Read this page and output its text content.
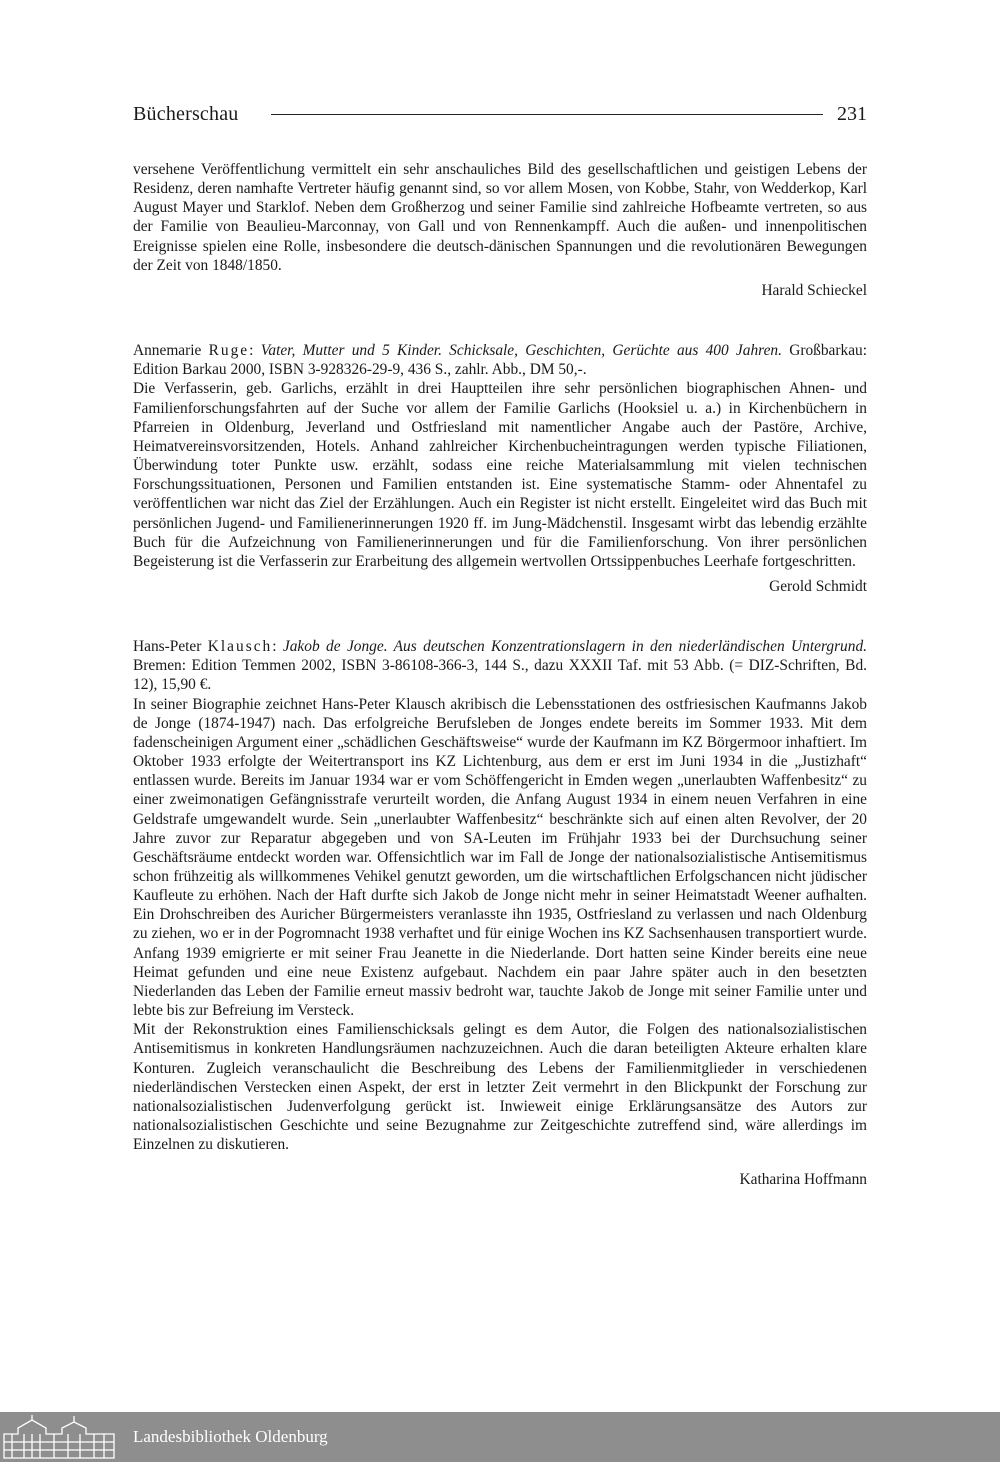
Bücherschau	231

versehene Veröffentlichung vermittelt ein sehr anschauliches Bild des gesellschaftlichen und geistigen Lebens der Residenz, deren namhafte Vertreter häufig genannt sind, so vor allem Mosen, von Kobbe, Stahr, von Wedderkop, Karl August Mayer und Starklof. Neben dem Großherzog und seiner Familie sind zahlreiche Hofbeamte vertreten, so aus der Familie von Beaulieu-Marconnay, von Gall und von Rennenkampff. Auch die außen- und innenpolitischen Ereignisse spielen eine Rolle, insbesondere die deutsch-dänischen Spannungen und die revolutionären Bewegungen der Zeit von 1848/1850.

Harald Schieckel

Annemarie Ruge: Vater, Mutter und 5 Kinder. Schicksale, Geschichten, Gerüchte aus 400 Jahren. Großbarkau: Edition Barkau 2000, ISBN 3-928326-29-9, 436 S., zahlr. Abb., DM 50,-.

Die Verfasserin, geb. Garlichs, erzählt in drei Hauptteilen ihre sehr persönlichen biographischen Ahnen- und Familienforschungsfahrten auf der Suche vor allem der Familie Garlichs (Hooksiel u. a.) in Kirchenbüchern in Pfarreien in Oldenburg, Jeverland und Ostfriesland mit namentlicher Angabe auch der Pastöre, Archive, Heimatvereinsvorsitzenden, Hotels. Anhand zahlreicher Kirchenbucheintragungen werden typische Filiationen, Überwindung toter Punkte usw. erzählt, sodass eine reiche Materialsammlung mit vielen technischen Forschungssituationen, Personen und Familien entstanden ist. Eine systematische Stamm- oder Ahnentafel zu veröffentlichen war nicht das Ziel der Erzählungen. Auch ein Register ist nicht erstellt. Eingeleitet wird das Buch mit persönlichen Jugend- und Familienerinnerungen 1920 ff. im Jung-Mädchenstil. Insgesamt wirbt das lebendig erzählte Buch für die Aufzeichnung von Familienerinnerungen und für die Familienforschung. Von ihrer persönlichen Begeisterung ist die Verfasserin zur Erarbeitung des allgemein wertvollen Ortssippenbuches Leerhafe fortgeschritten.

Gerold Schmidt

Hans-Peter Klausch: Jakob de Jonge. Aus deutschen Konzentrationslagern in den niederländischen Untergrund. Bremen: Edition Temmen 2002, ISBN 3-86108-366-3, 144 S., dazu XXXII Taf. mit 53 Abb. (= DIZ-Schriften, Bd. 12), 15,90 €.

In seiner Biographie zeichnet Hans-Peter Klausch akribisch die Lebensstationen des ostfriesischen Kaufmanns Jakob de Jonge (1874-1947) nach. Das erfolgreiche Berufsleben de Jonges endete bereits im Sommer 1933. Mit dem fadenscheinigen Argument einer „schädlichen Geschäftsweise“ wurde der Kaufmann im KZ Börgermoor inhaftiert. Im Oktober 1933 erfolgte der Weitertransport ins KZ Lichtenburg, aus dem er erst im Juni 1934 in die „Justizhaft“ entlassen wurde. Bereits im Januar 1934 war er vom Schöffengericht in Emden wegen „unerlaubten Waffenbesitz“ zu einer zweimonatigen Gefängnisstrafe verurteilt worden, die Anfang August 1934 in einem neuen Verfahren in eine Geldstrafe umgewandelt wurde. Sein „unerlaubter Waffenbesitz“ beschränkte sich auf einen alten Revolver, der 20 Jahre zuvor zur Reparatur abgegeben und von SA-Leuten im Frühjahr 1933 bei der Durchsuchung seiner Geschäftsräume entdeckt worden war. Offensichtlich war im Fall de Jonge der nationalsozialistische Antisemitismus schon frühzeitig als willkommenes Vehikel genutzt geworden, um die wirtschaftlichen Erfolgschancen nicht jüdischer Kaufleute zu erhöhen. Nach der Haft durfte sich Jakob de Jonge nicht mehr in seiner Heimatstadt Weener aufhalten. Ein Drohschreiben des Auricher Bürgermeisters veranlasste ihn 1935, Ostfriesland zu verlassen und nach Oldenburg zu ziehen, wo er in der Pogromnacht 1938 verhaftet und für einige Wochen ins KZ Sachsenhausen transportiert wurde. Anfang 1939 emigrierte er mit seiner Frau Jeanette in die Niederlande. Dort hatten seine Kinder bereits eine neue Heimat gefunden und eine neue Existenz aufgebaut. Nachdem ein paar Jahre später auch in den besetzten Niederlanden das Leben der Familie erneut massiv bedroht war, tauchte Jakob de Jonge mit seiner Familie unter und lebte bis zur Befreiung im Versteck.

Mit der Rekonstruktion eines Familienschicksals gelingt es dem Autor, die Folgen des nationalsozialistischen Antisemitismus in konkreten Handlungsräumen nachzuzeichnen. Auch die daran beteiligten Akteure erhalten klare Konturen. Zugleich veranschaulicht die Beschreibung des Lebens der Familienmitglieder in verschiedenen niederländischen Verstecken einen Aspekt, der erst in letzter Zeit vermehrt in den Blickpunkt der Forschung zur nationalsozialistischen Judenverfolgung gerückt ist. Inwieweit einige Erklärungsansätze des Autors zur nationalsozialistischen Geschichte und seine Bezugnahme zur Zeitgeschichte zutreffend sind, wäre allerdings im Einzelnen zu diskutieren.

Katharina Hoffmann
Landesbibliothek Oldenburg
